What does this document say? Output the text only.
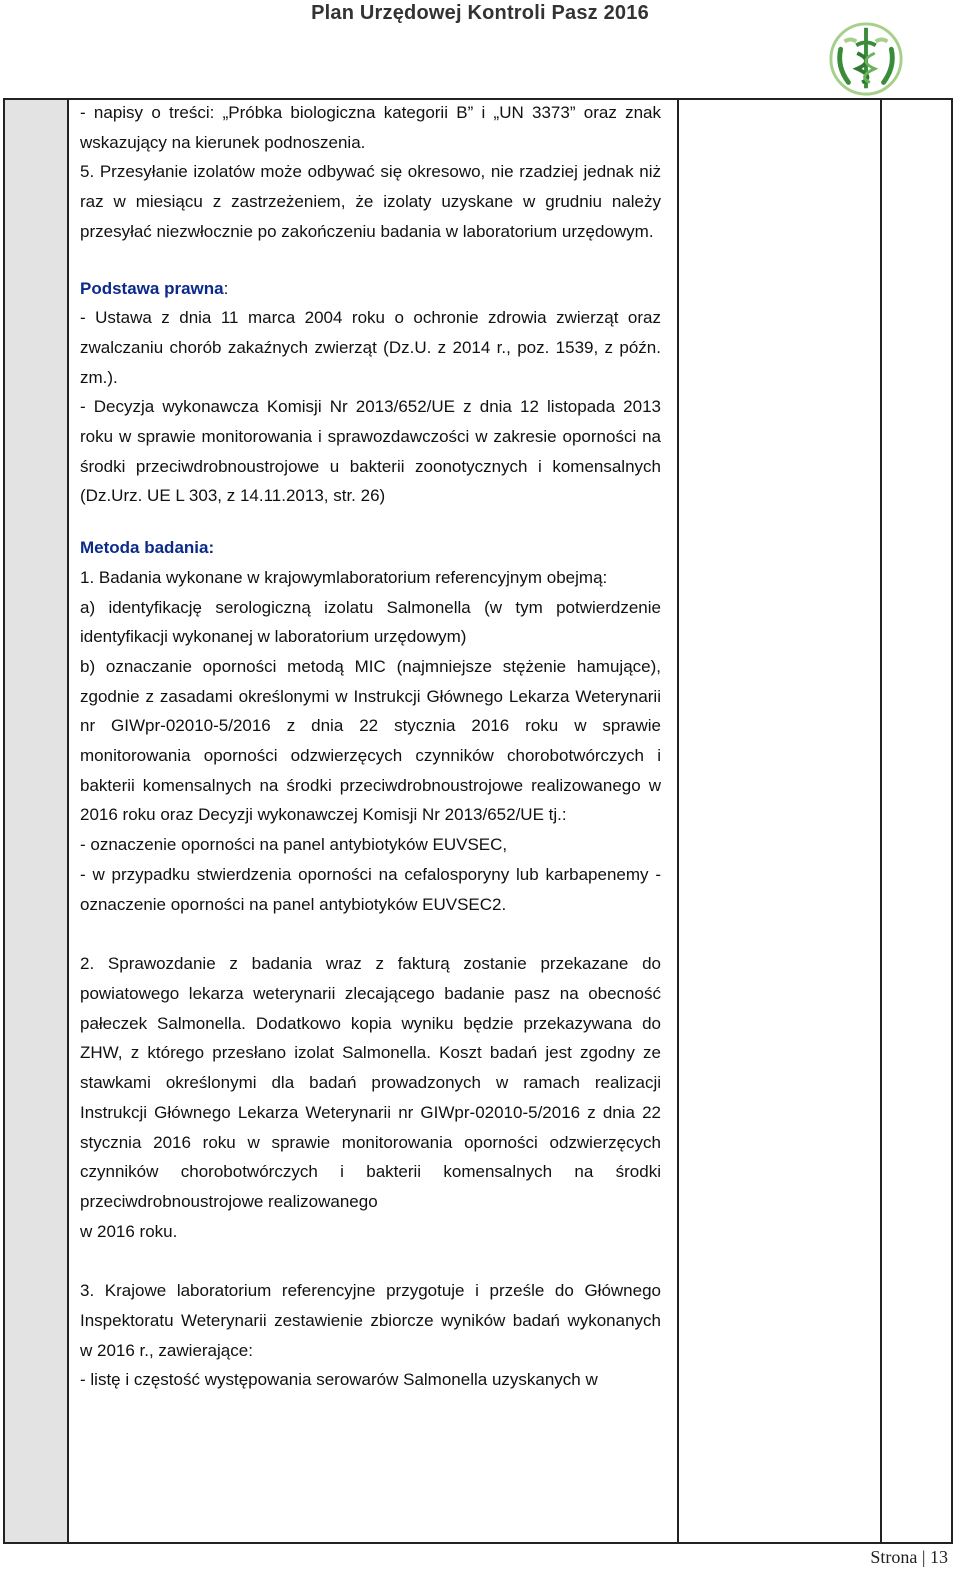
Plan Urzędowej Kontroli Pasz 2016

- napisy o treści: „Próbka biologiczna kategorii B” i „UN 3373” oraz znak wskazujący na kierunek podnoszenia.

5. Przesyłanie izolatów może odbywać się okresowo, nie rzadziej jednak niż raz w miesiącu z zastrzeżeniem, że izolaty uzyskane w grudniu należy przesyłać niezwłocznie po zakończeniu badania w laboratorium urzędowym.

Podstawa prawna:

- Ustawa z dnia 11 marca 2004 roku o ochronie zdrowia zwierząt oraz zwalczaniu chorób zakaźnych zwierząt (Dz.U. z 2014 r., poz. 1539, z późn. zm.).

- Decyzja wykonawcza Komisji Nr 2013/652/UE z dnia 12 listopada 2013 roku w sprawie monitorowania i sprawozdawczości w zakresie oporności na środki przeciwdrobnoustrojowe u bakterii zoonotycznych i komensalnych (Dz.Urz. UE L 303, z 14.11.2013, str. 26)

Metoda badania:

1. Badania wykonane w krajowymlaboratorium referencyjnym obejmą:

a) identyfikację serologiczną izolatu Salmonella (w tym potwierdzenie identyfikacji wykonanej w laboratorium urzędowym)

b) oznaczanie oporności metodą MIC (najmniejsze stężenie hamujące), zgodnie z zasadami określonymi w Instrukcji Głównego Lekarza Weterynarii nr GIWpr-02010-5/2016 z dnia 22 stycznia 2016 roku w sprawie monitorowania oporności odzwierzęcych czynników chorobotwórczych i bakterii komensalnych na środki przeciwdrobnoustrojowe realizowanego w 2016 roku oraz Decyzji wykonawczej Komisji Nr 2013/652/UE tj.:

- oznaczenie oporności na panel antybiotyków EUVSEC,

- w przypadku stwierdzenia oporności na cefalosporyny lub karbapenemy - oznaczenie oporności na panel antybiotyków EUVSEC2.

2. Sprawozdanie z badania wraz z fakturą zostanie przekazane do powiatowego lekarza weterynarii zlecającego badanie pasz na obecność pałeczek Salmonella. Dodatkowo kopia wyniku będzie przekazywana do ZHW, z którego przesłano izolat Salmonella. Koszt badań jest zgodny ze stawkami określonymi dla badań prowadzonych w ramach realizacji Instrukcji Głównego Lekarza Weterynarii nr GIWpr-02010-5/2016 z dnia 22 stycznia 2016 roku w sprawie monitorowania oporności odzwierzęcych czynników chorobotwórczych i bakterii komensalnych na środki przeciwdrobnoustrojowe realizowanego

w 2016 roku.

3. Krajowe laboratorium referencyjne przygotuje i prześle do Głównego Inspektoratu Weterynarii zestawienie zbiorcze wyników badań wykonanych w 2016 r., zawierające:

- listę i częstość występowania serowarów Salmonella uzyskanych w

Strona | 13
